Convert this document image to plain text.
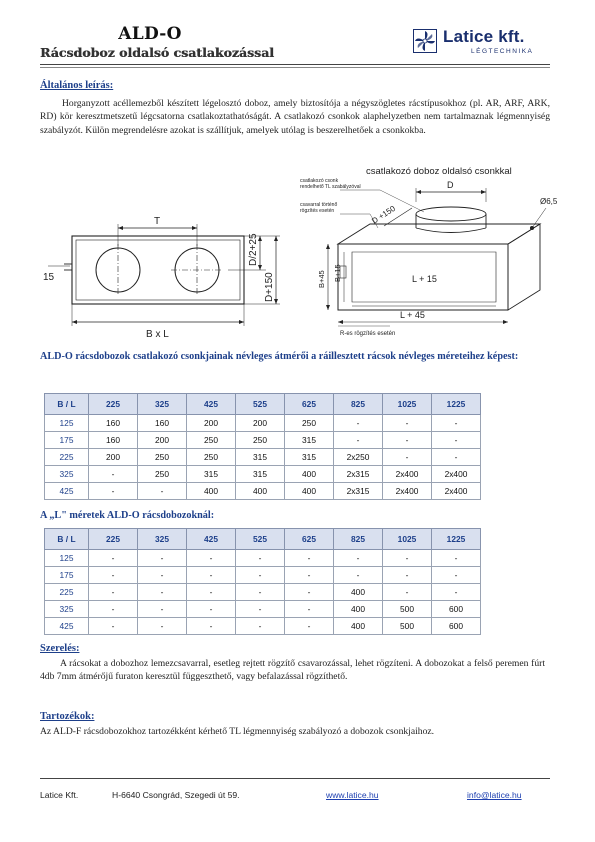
ALD-O
Rácsdoboz oldalsó csatlakozással
Latice kft.
LÉGTECHNIKA
Általános leírás:
Horganyzott acéllemezből készített légelosztó doboz, amely biztosítója a négyszögletes rácstípusokhoz (pl. AR, ARF, ARK, RD) kör keresztmetszetű légcsatorna csatlakoztathatóságát. A csatlakozó csonkok alaphelyzetben nem tartalmaznak légmennyiség szabályzót. Külön megrendelésre azokat is szállítjuk, amelyek utólag is beszerelhetőek a csonkokba.
T
B x L
15
D/2+25
D+150
csatlakozó doboz oldalsó csonkkal
csatlakozó csonk
rendelhető TL szabályzóval
csavarral történő
rögzítés esetén
D
D +150
Ø6,5
B+45 B+15	L + 15
L + 45
R-es rögzítés esetén
ALD-O rácsdobozok csatlakozó csonkjainak névleges átmérői a ráillesztett rácsok névleges méreteihez képest:
B / L	225	325	425	525	625	825	1025	1225
125	160	160	200	200	250	-	-	-
175	160	200	250	250	315	-	-	-
225	200	250	250	315	315	2x250	-	-
325	-	250	315	315	400	2x315	2x400	2x400
425	-	-	400	400	400	2x315	2x400	2x400
A „L" méretek ALD-O rácsdobozoknál:
B / L	225	325	425	525	625	825	1025	1225
125	-	-	-	-	-	-	-	-
175	-	-	-	-	-	-	-	-
225	-	-	-	-	-	400	-	-
325	-	-	-	-	-	400	500	600
425	-	-	-	-	-	400	500	600
Szerelés:
A rácsokat a dobozhoz lemezcsavarral, esetleg rejtett rögzítő csavarozással, lehet rögzíteni. A dobozokat a felső peremen fúrt 4db 7mm átmérőjű furaton keresztül függeszthető, vagy befalazással rögzíthető.
Tartozékok:
Az ALD-F rácsdobozokhoz tartozékként kérhető TL légmennyiség szabályozó a dobozok csonkjaihoz.
Latice Kft.	H-6640 Csongrád, Szegedi út 59.	www.latice.hu	info@latice.hu
